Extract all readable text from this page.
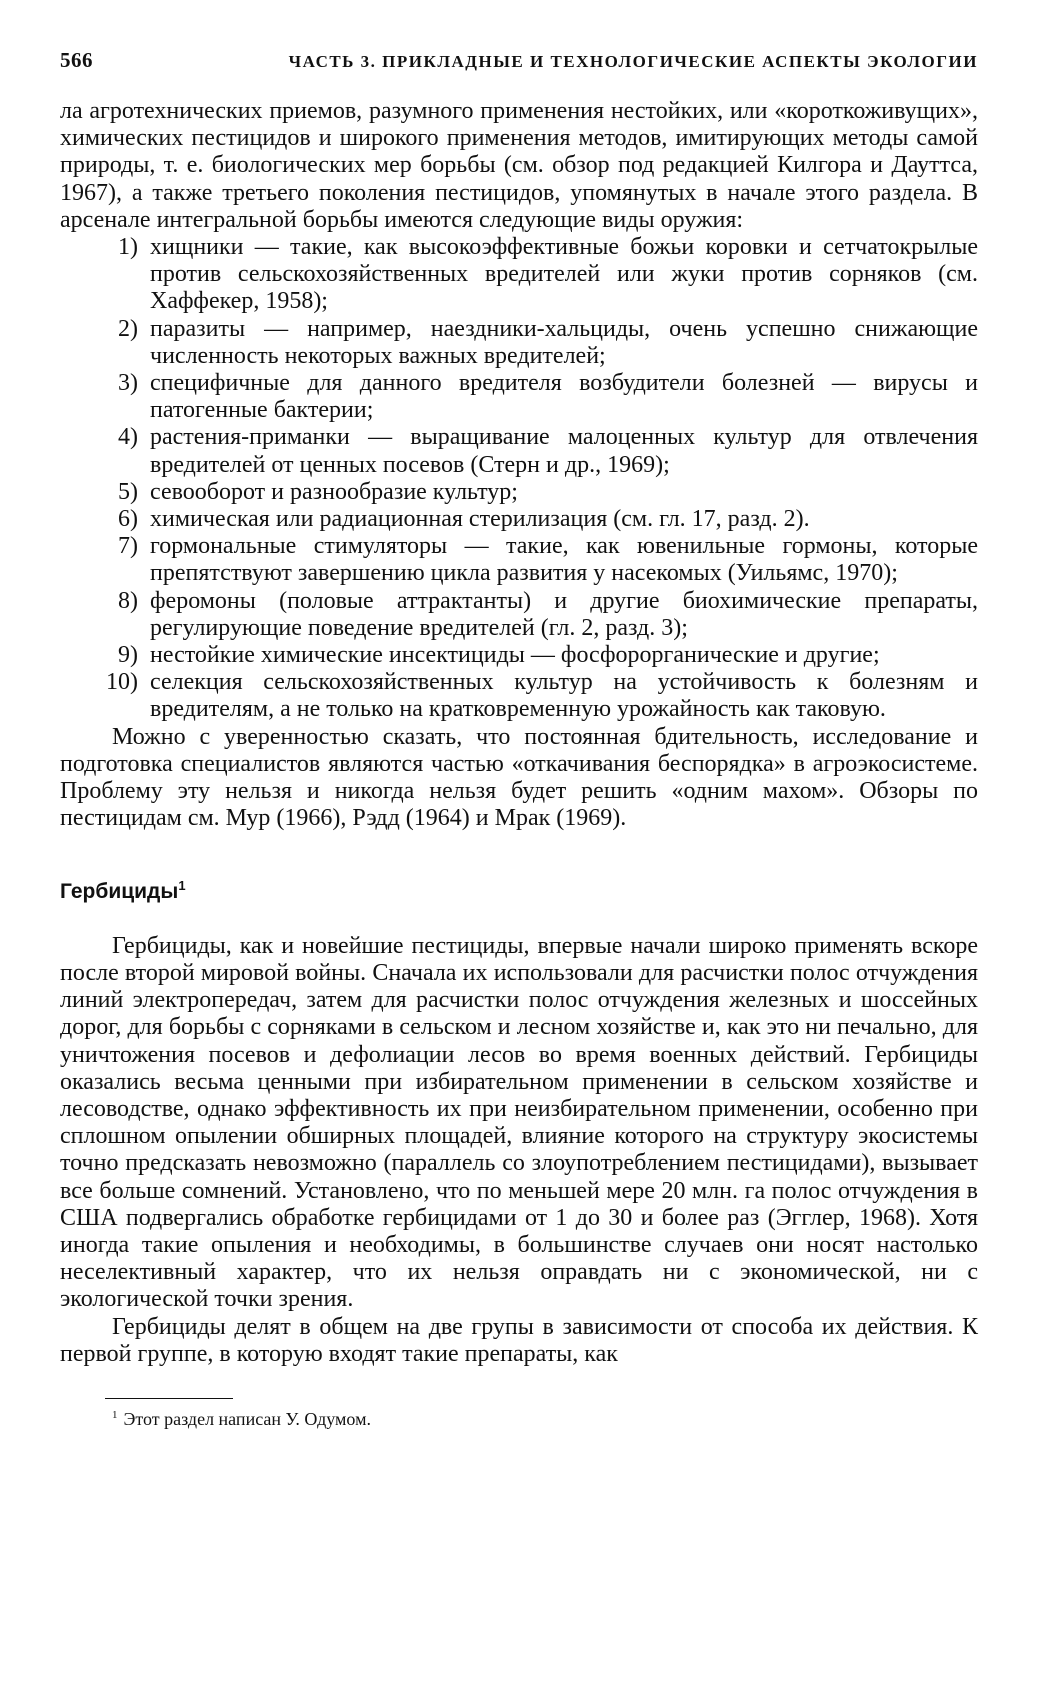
566	ЧАСТЬ 3. ПРИКЛАДНЫЕ И ТЕХНОЛОГИЧЕСКИЕ АСПЕКТЫ ЭКОЛОГИИ

ла агротехнических приемов, разумного применения нестойких, или «короткоживущих», химических пестицидов и широкого применения методов, имитирующих методы самой природы, т. е. биологических мер борьбы (см. обзор под редакцией Килгора и Дауттса, 1967), а также третьего поколения пестицидов, упомянутых в начале этого раздела. В арсенале интегральной борьбы имеются следующие виды оружия:

1) хищники — такие, как высокоэффективные божьи коровки и сетчатокрылые против сельскохозяйственных вредителей или жуки против сорняков (см. Хаффекер, 1958);
2) паразиты — например, наездники-хальциды, очень успешно снижающие численность некоторых важных вредителей;
3) специфичные для данного вредителя возбудители болезней — вирусы и патогенные бактерии;
4) растения-приманки — выращивание малоценных культур для отвлечения вредителей от ценных посевов (Стерн и др., 1969);
5) севооборот и разнообразие культур;
6) химическая или радиационная стерилизация (см. гл. 17, разд. 2).
7) гормональные стимуляторы — такие, как ювенильные гормоны, которые препятствуют завершению цикла развития у насекомых (Уильямс, 1970);
8) феромоны (половые аттрактанты) и другие биохимические препараты, регулирующие поведение вредителей (гл. 2, разд. 3);
9) нестойкие химические инсектициды — фосфорорганические и другие;
10) селекция сельскохозяйственных культур на устойчивость к болезням и вредителям, а не только на кратковременную урожайность как таковую.

Можно с уверенностью сказать, что постоянная бдительность, исследование и подготовка специалистов являются частью «откачивания беспорядка» в агроэкосистеме. Проблему эту нельзя и никогда нельзя будет решить «одним махом». Обзоры по пестицидам см. Мур (1966), Рэдд (1964) и Мрак (1969).

Гербициды$^1$

Гербициды, как и новейшие пестициды, впервые начали широко применять вскоре после второй мировой войны. Сначала их использовали для расчистки полос отчуждения линий электропередач, затем для расчистки полос отчуждения железных и шоссейных дорог, для борьбы с сорняками в сельском и лесном хозяйстве и, как это ни печально, для уничтожения посевов и дефолиации лесов во время военных действий. Гербициды оказались весьма ценными при избирательном применении в сельском хозяйстве и лесоводстве, однако эффективность их при неизбирательном применении, особенно при сплошном опылении обширных площадей, влияние которого на структуру экосистемы точно предсказать невозможно (параллель со злоупотреблением пестицидами), вызывает все больше сомнений. Установлено, что по меньшей мере 20 млн. га полос отчуждения в США подвергались обработке гербицидами от 1 до 30 и более раз (Эгглер, 1968). Хотя иногда такие опыления и необходимы, в большинстве случаев они носят настолько неселективный характер, что их нельзя оправдать ни с экономической, ни с экологической точки зрения.

Гербициды делят в общем на две групы в зависимости от способа их действия. К первой группе, в которую входят такие препараты, как

$^1$ Этот раздел написан У. Одумом.
